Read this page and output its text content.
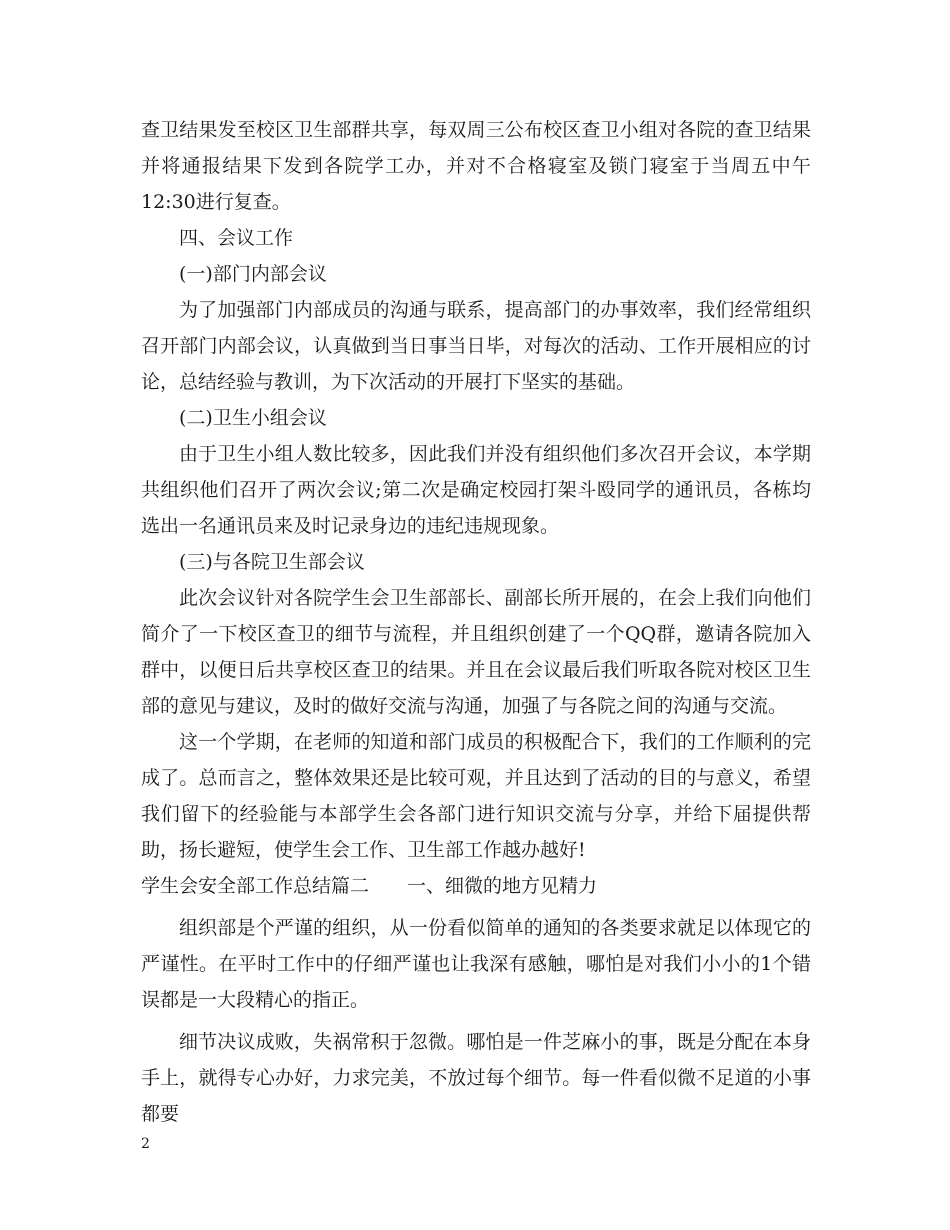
查卫结果发至校区卫生部群共享，每双周三公布校区查卫小组对各院的查卫结果并将通报结果下发到各院学工办，并对不合格寝室及锁门寝室于当周五中午12:30进行复查。

四、会议工作

(一)部门内部会议

为了加强部门内部成员的沟通与联系，提高部门的办事效率，我们经常组织召开部门内部会议，认真做到当日事当日毕，对每次的活动、工作开展相应的讨论，总结经验与教训，为下次活动的开展打下坚实的基础。

(二)卫生小组会议

由于卫生小组人数比较多，因此我们并没有组织他们多次召开会议，本学期共组织他们召开了两次会议;第二次是确定校园打架斗殴同学的通讯员，各栋均选出一名通讯员来及时记录身边的违纪违规现象。

(三)与各院卫生部会议

此次会议针对各院学生会卫生部部长、副部长所开展的，在会上我们向他们简介了一下校区查卫的细节与流程，并且组织创建了一个QQ群，邀请各院加入群中，以便日后共享校区查卫的结果。并且在会议最后我们听取各院对校区卫生部的意见与建议，及时的做好交流与沟通，加强了与各院之间的沟通与交流。

这一个学期，在老师的知道和部门成员的积极配合下，我们的工作顺利的完成了。总而言之，整体效果还是比较可观，并且达到了活动的目的与意义，希望我们留下的经验能与本部学生会各部门进行知识交流与分享，并给下届提供帮助，扬长避短，使学生会工作、卫生部工作越办越好!

学生会安全部工作总结篇二　　一、细微的地方见精力

组织部是个严谨的组织，从一份看似简单的通知的各类要求就足以体现它的严谨性。在平时工作中的仔细严谨也让我深有感触，哪怕是对我们小小的1个错误都是一大段精心的指正。

细节决议成败，失祸常积于忽微。哪怕是一件芝麻小的事，既是分配在本身手上，就得专心办好，力求完美，不放过每个细节。每一件看似微不足道的小事都要

2
